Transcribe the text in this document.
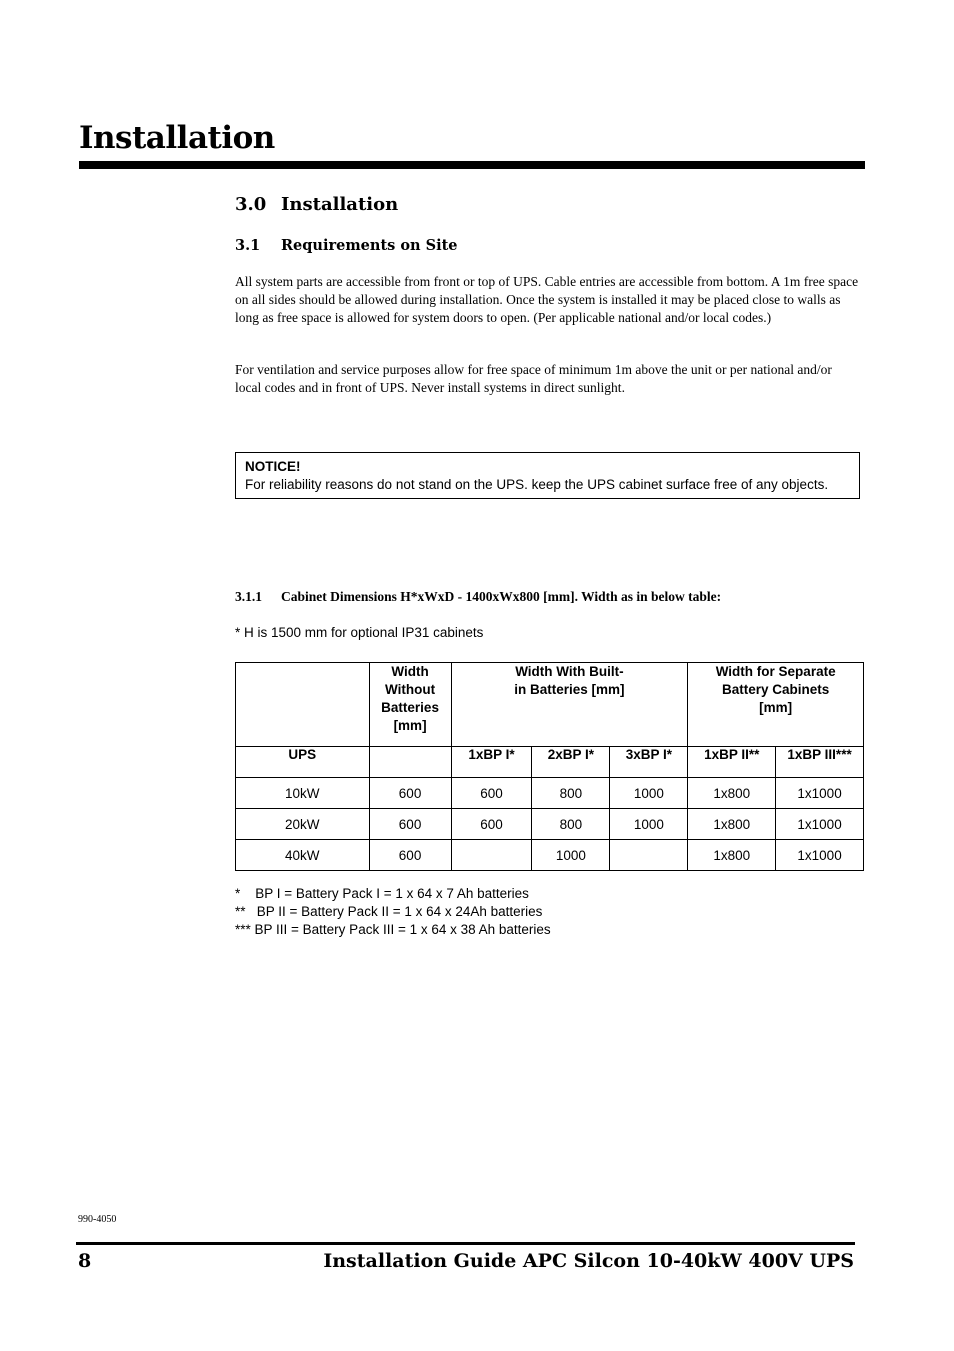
Installation
3.0 Installation
3.1 Requirements on Site
All system parts are accessible from front or top of UPS. Cable entries are accessible from bottom. A 1m free space on all sides should be allowed during installation. Once the system is installed it may be placed close to walls as long as free space is allowed for system doors to open. (Per applicable national and/or local codes.)
For ventilation and service purposes allow for free space of minimum 1m above the unit or per national and/or local codes and in front of UPS. Never install systems in direct sunlight.
NOTICE!
For reliability reasons do not stand on the UPS. keep the UPS cabinet surface free of any objects.
3.1.1 Cabinet Dimensions H*xWxD - 1400xWx800 [mm]. Width as in below table:
* H is 1500 mm for optional IP31 cabinets
	Width Without Batteries [mm]	Width With Built-in Batteries [mm]			Width for Separate Battery Cabinets [mm]	
UPS		1xBP I*	2xBP I*	3xBP I*	1xBP II**	1xBP III***
10kW	600	600	800	1000	1x800	1x1000
20kW	600	600	800	1000	1x800	1x1000
40kW	600		1000		1x800	1x1000
*    BP I = Battery Pack I = 1 x 64 x 7 Ah batteries
**   BP II = Battery Pack II = 1 x 64 x 24Ah batteries
*** BP III = Battery Pack III = 1 x 64 x 38 Ah batteries
990-4050
8	Installation Guide APC Silcon 10-40kW 400V UPS
